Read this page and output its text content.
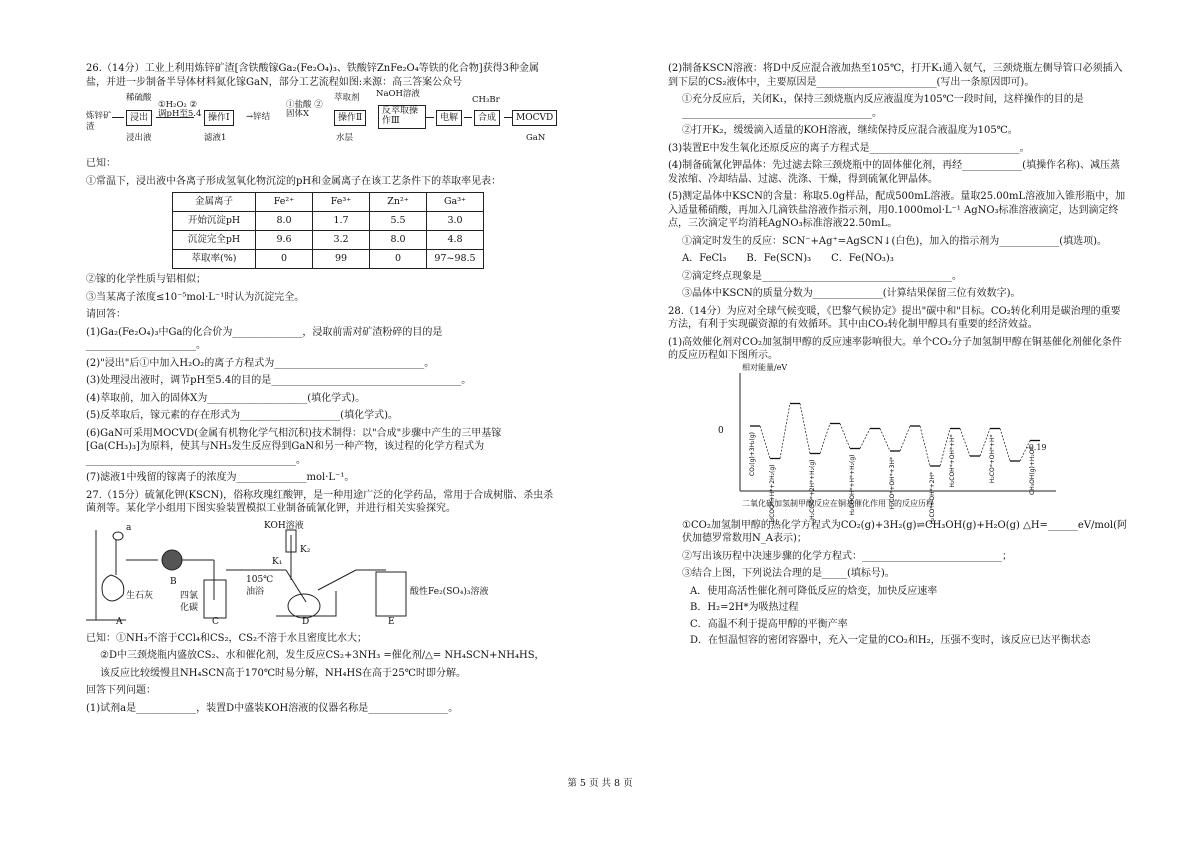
26.（14分）工业上利用炼锌矿渣[含铁酸镓Ga₂(Fe₂O₄)₃、铁酸锌ZnFe₂O₄等铁的化合物]获得3种金属盐，并进一步制备半导体材料氮化镓GaN，部分工艺流程如图:来源：高三答案公众号

稀硫酸
炼锌矿渣
浸出
浸出液
①H₂O₂ ②调pH至5.4 操作Ⅰ
滤液1
→锌结
①盐酸 ②固体X
萃取剂
操作Ⅱ
水层
NaOH溶液
反萃取操作Ⅲ	电解
CH₃Br
合成	MOCVD
GaN

已知：

①常温下，浸出液中各离子形成氢氧化物沉淀的pH和金属离子在该工艺条件下的萃取率见表：

金属离子	Fe²⁺	Fe³⁺	Zn²⁺	Ga³⁺
开始沉淀pH	8.0	1.7	5.5	3.0
沉淀完全pH	9.6	3.2	8.0	4.8
萃取率(%)	0	99	0	97~98.5

②镓的化学性质与铝相似；

③当某离子浓度≤10⁻⁵mol·L⁻¹时认为沉淀完全。

请回答：

(1)Ga₂(Fe₂O₄)₃中Ga的化合价为______________，浸取前需对矿渣粉碎的目的是______________________。

(2)"浸出"后①中加入H₂O₂的离子方程式为______________________________。

(3)处理浸出液时，调节pH至5.4的目的是______________________________________。

(4)萃取前，加入的固体X为____________________(填化学式)。

(5)反萃取后，镓元素的存在形式为____________________(填化学式)。

(6)GaN可采用MOCVD(金属有机物化学气相沉积)技术制得：以"合成"步骤中产生的三甲基镓[Ga(CH₃)₃]为原料，使其与NH₃发生反应得到GaN和另一种产物，该过程的化学方程式为__________________________________________。

(7)滤液1中残留的镓离子的浓度为______________mol·L⁻¹。

27.（15分）硫氰化钾(KSCN)，俗称玫瑰红酸钾，是一种用途广泛的化学药品，常用于合成树脂、杀虫杀菌剂等。某化学小组用下图实验装置模拟工业制备硫氰化钾，并进行相关实验探究。

a
生石灰
B
四氯化碳
KOH溶液
K₁
K₂
105℃油浴	酸性Fe₂(SO₄)₃溶液
A	C	D	E

已知：①NH₃不溶于CCl₄和CS₂，CS₂不溶于水且密度比水大；

②D中三颈烧瓶内盛放CS₂、水和催化剂，发生反应CS₂+3NH₃ =催化剂/△= NH₄SCN+NH₄HS，

该反应比较缓慢且NH₄SCN高于170℃时易分解，NH₄HS在高于25℃时即分解。

回答下列问题：

(1)试剂a是____________，装置D中盛装KOH溶液的仪器名称是________________。

(2)制备KSCN溶液：将D中反应混合液加热至105℃，打开K₁通入氨气，三颈烧瓶左侧导管口必须插入到下层的CS₂液体中，主要原因是________________________(写出一条原因即可)。

①充分反应后，关闭K₁，保持三颈烧瓶内反应液温度为105℃一段时间，这样操作的目的是______________________________________。

②打开K₂，缓缓滴入适量的KOH溶液，继续保持反应混合液温度为105℃。

(3)装置E中发生氧化还原反应的离子方程式是______________________________。

(4)制备硫氰化钾晶体：先过滤去除三颈烧瓶中的固体催化剂，再经____________(填操作名称)、减压蒸发浓缩、冷却结晶、过滤、洗涤、干燥，得到硫氰化钾晶体。

(5)测定晶体中KSCN的含量：称取5.0g样品，配成500mL溶液。量取25.00mL溶液加入锥形瓶中，加入适量稀硝酸，再加入几滴铁盐溶液作指示剂，用0.1000mol·L⁻¹ AgNO₃标准溶液滴定，达到滴定终点，三次滴定平均消耗AgNO₃标准溶液22.50mL。

①滴定时发生的反应：SCN⁻+Ag⁺=AgSCN↓(白色)，加入的指示剂为____________(填选项)。

A．FeCl₃　　B．Fe(SCN)₃　　C．Fe(NO₃)₃

②滴定终点现象是______________________________________。

③晶体中KSCN的质量分数为______________(计算结果保留三位有效数字)。

28.（14分）为应对全球气候变暖，《巴黎气候协定》提出"碳中和"目标。CO₂转化利用是碳治理的重要方法，有利于实现碳资源的有效循环。其中由CO₂转化制甲醇具有重要的经济效益。

(1)高效催化剂对CO₂加氢制甲醇的反应速率影响很大。单个CO₂分子加氢制甲醇在铜基催化剂催化条件的反应历程如下图所示。

CO₂(g)+3H₂(g)
HCOO*+H*+2H₂(g)	H₂COO*+2H*+H₂(g)	H₂COOH*+H*+H₂(g)	H₂CO*+OH*+3H*	H₂CO*+OH*+2H*
H₂COH*+OH*+H*	H₂CO*+OH*+H*	CH₃OH(g)+H₂O*
相对能量/eV
0
-0.19
二氧化碳加氢制甲醇反应在铜基催化作用下的反应历程

①CO₂加氢制甲醇的热化学方程式为CO₂(g)+3H₂(g)⇌CH₃OH(g)+H₂O(g) △H=______eV/mol(阿伏加德罗常数用N_A表示)；

②写出该历程中决速步骤的化学方程式：____________________________；

③结合上图，下列说法合理的是_____(填标号)。

A．使用高活性催化剂可降低反应的焓变，加快反应速率

B．H₂=2H*为吸热过程

C．高温不利于提高甲醇的平衡产率

D．在恒温恒容的密闭容器中，充入一定量的CO₂和H₂，压强不变时，该反应已达平衡状态

第 5 页 共 8 页
